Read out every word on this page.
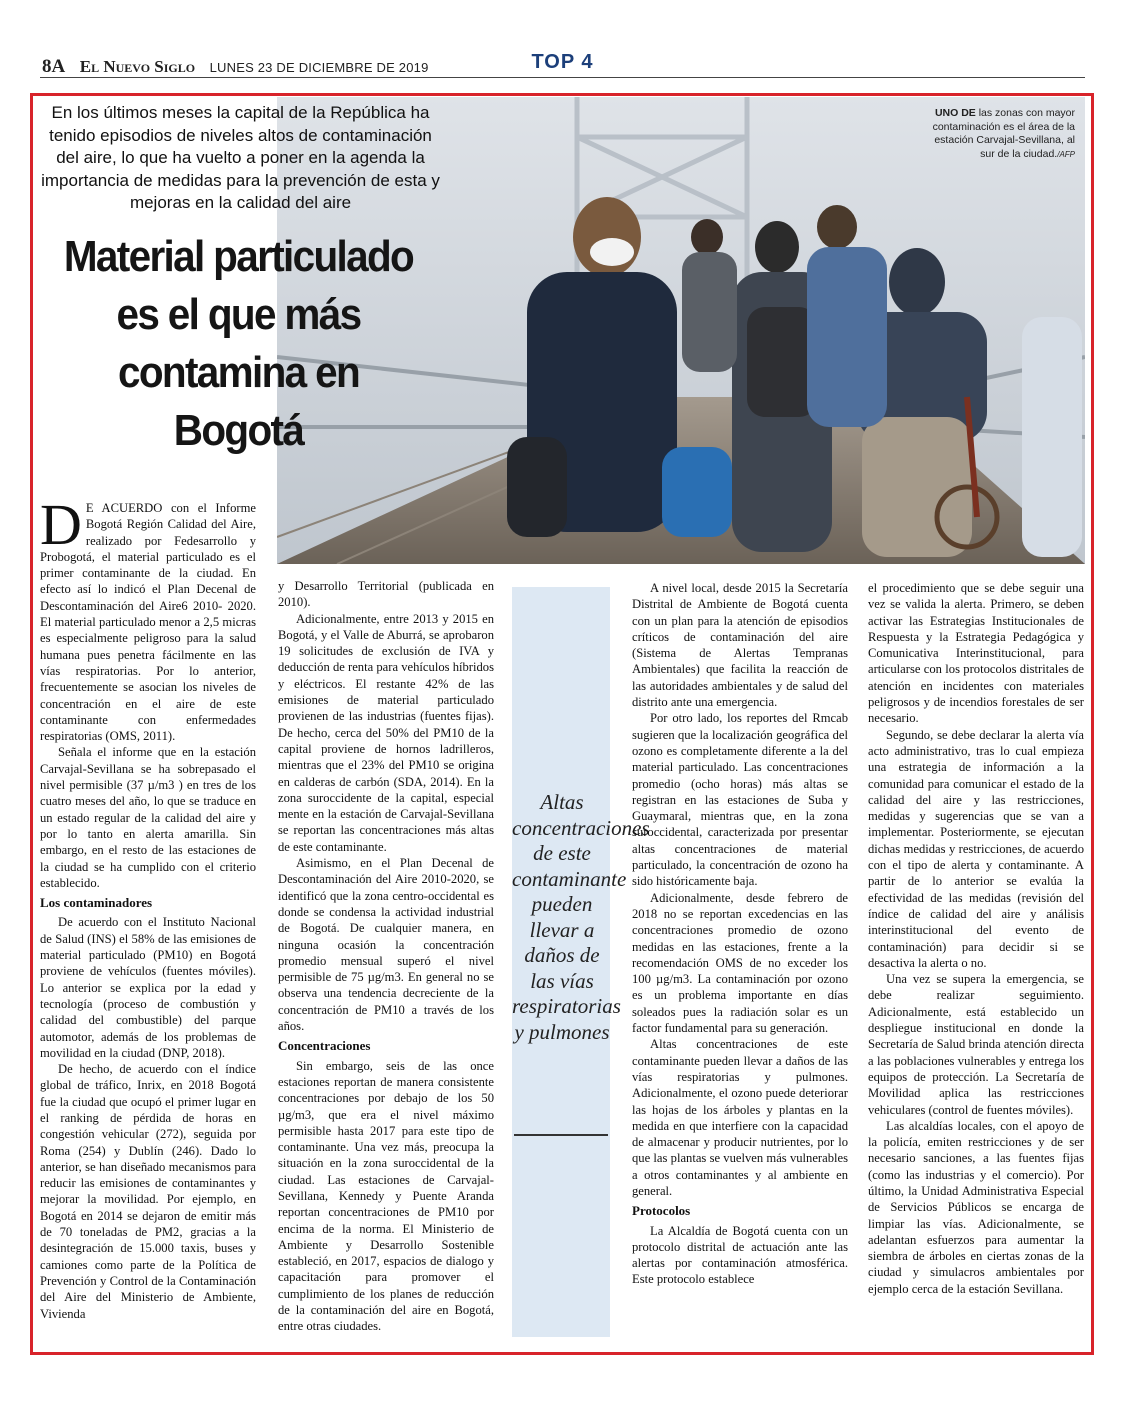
8A El Nuevo Siglo LUNES 23 DE DICIEMBRE DE 2019	TOP 4
UNO DE las zonas con mayor contaminación es el área de la estación Carvajal-Sevillana, al sur de la ciudad./AFP
En los últimos meses la capital de la República ha tenido episodios de niveles altos de contaminación del aire, lo que ha vuelto a poner en la agenda la importancia de medidas para la prevención de esta y mejoras en la calidad del aire
Material particulado es el que más contamina en Bogotá

D E ACUERDO con el Informe Bogotá Región Calidad del Aire, realizado por Fedesarrollo y Probogotá, el material particulado es el primer contaminante de la ciudad. En efecto así lo indicó el Plan Decenal de Descontaminación del Aire6 2010- 2020. El material particulado menor a 2,5 micras es especialmente peligroso para la salud humana pues penetra fácilmente en las vías respiratorias. Por lo anterior, frecuentemente se asocian los niveles de concentración en el aire de este contaminante con enfermedades respiratorias (OMS, 2011).

Señala el informe que en la estación Carvajal-Sevillana se ha sobrepasado el nivel permisible (37 µ/m3 ) en tres de los cuatro meses del año, lo que se traduce en un estado regular de la calidad del aire y por lo tanto en alerta amarilla. Sin embargo, en el resto de las estaciones de la ciudad se ha cumplido con el criterio establecido.

Los contaminadores

De acuerdo con el Instituto Nacional de Salud (INS) el 58% de las emisiones de material particulado (PM10) en Bogotá proviene de vehículos (fuentes móviles). Lo anterior se explica por la edad y tecnología (proceso de combustión y calidad del combustible) del parque automotor, además de los problemas de movilidad en la ciudad (DNP, 2018).

De hecho, de acuerdo con el índice global de tráfico, Inrix, en 2018 Bogotá fue la ciudad que ocupó el primer lugar en el ranking de pérdida de horas en congestión vehicular (272), seguida por Roma (254) y Dublín (246). Dado lo anterior, se han diseñado mecanismos para reducir las emisiones de contaminantes y mejorar la movilidad. Por ejemplo, en Bogotá en 2014 se dejaron de emitir más de 70 toneladas de PM2, gracias a la desintegración de 15.000 taxis, buses y camiones como parte de la Política de Prevención y Control de la Contaminación del Aire del Ministerio de Ambiente, Vivienda

y Desarrollo Territorial (publicada en 2010).

Adicionalmente, entre 2013 y 2015 en Bogotá, y el Valle de Aburrá, se aprobaron 19 solicitudes de exclusión de IVA y deducción de renta para vehículos híbridos y eléctricos. El restante 42% de las emisiones de material particulado provienen de las industrias (fuentes fijas). De hecho, cerca del 50% del PM10 de la capital proviene de hornos ladrilleros, mientras que el 23% del PM10 se origina en calderas de carbón (SDA, 2014). En la zona suroccidente de la capital, especial mente en la estación de Carvajal-Sevillana se reportan las concentraciones más altas de este contaminante.

Asimismo, en el Plan Decenal de Descontaminación del Aire 2010-2020, se identificó que la zona centro-occidental es donde se condensa la actividad industrial de Bogotá. De cualquier manera, en ninguna ocasión la concentración promedio mensual superó el nivel permisible de 75 µg/m3. En general no se observa una tendencia decreciente de la concentración de PM10 a través de los años.

Concentraciones

Sin embargo, seis de las once estaciones reportan de manera consistente concentraciones por debajo de los 50 µg/m3, que era el nivel máximo permisible hasta 2017 para este tipo de contaminante. Una vez más, preocupa la situación en la zona suroccidental de la ciudad. Las estaciones de Carvajal-Sevillana, Kennedy y Puente Aranda reportan concentraciones de PM10 por encima de la norma. El Ministerio de Ambiente y Desarrollo Sostenible estableció, en 2017, espacios de dialogo y capacitación para promover el cumplimiento de los planes de reducción de la contaminación del aire en Bogotá, entre otras ciudades.

Altas concentraciones de este contaminante pueden llevar a daños de las vías respiratorias y pulmones

A nivel local, desde 2015 la Secretaría Distrital de Ambiente de Bogotá cuenta con un plan para la atención de episodios críticos de contaminación del aire (Sistema de Alertas Tempranas Ambientales) que facilita la reacción de las autoridades ambientales y de salud del distrito ante una emergencia.

Por otro lado, los reportes del Rmcab sugieren que la localización geográfica del ozono es completamente diferente a la del material particulado. Las concentraciones promedio (ocho horas) más altas se registran en las estaciones de Suba y Guaymaral, mientras que, en la zona suroccidental, caracterizada por presentar altas concentraciones de material particulado, la concentración de ozono ha sido históricamente baja.

Adicionalmente, desde febrero de 2018 no se reportan excedencias en las concentraciones promedio de ozono medidas en las estaciones, frente a la recomendación OMS de no exceder los 100 µg/m3. La contaminación por ozono es un problema importante en días soleados pues la radiación solar es un factor fundamental para su generación.

Altas concentraciones de este contaminante pueden llevar a daños de las vías respiratorias y pulmones. Adicionalmente, el ozono puede deteriorar las hojas de los árboles y plantas en la medida en que interfiere con la capacidad de almacenar y producir nutrientes, por lo que las plantas se vuelven más vulnerables a otros contaminantes y al ambiente en general.

Protocolos

La Alcaldía de Bogotá cuenta con un protocolo distrital de actuación ante las alertas por contaminación atmosférica. Este protocolo establece

el procedimiento que se debe seguir una vez se valida la alerta. Primero, se deben activar las Estrategias Institucionales de Respuesta y la Estrategia Pedagógica y Comunicativa Interinstitucional, para articularse con los protocolos distritales de atención en incidentes con materiales peligrosos y de incendios forestales de ser necesario.

Segundo, se debe declarar la alerta vía acto administrativo, tras lo cual empieza una estrategia de información a la comunidad para comunicar el estado de la calidad del aire y las restricciones, medidas y sugerencias que se van a implementar. Posteriormente, se ejecutan dichas medidas y restricciones, de acuerdo con el tipo de alerta y contaminante. A partir de lo anterior se evalúa la efectividad de las medidas (revisión del índice de calidad del aire y análisis interinstitucional del evento de contaminación) para decidir si se desactiva la alerta o no.

Una vez se supera la emergencia, se debe realizar seguimiento. Adicionalmente, está establecido un despliegue institucional en donde la Secretaría de Salud brinda atención directa a las poblaciones vulnerables y entrega los equipos de protección. La Secretaría de Movilidad aplica las restricciones vehiculares (control de fuentes móviles).

Las alcaldías locales, con el apoyo de la policía, emiten restricciones y de ser necesario sanciones, a las fuentes fijas (como las industrias y el comercio). Por último, la Unidad Administrativa Especial de Servicios Públicos se encarga de limpiar las vías. Adicionalmente, se adelantan esfuerzos para aumentar la siembra de árboles en ciertas zonas de la ciudad y simulacros ambientales por ejemplo cerca de la estación Sevillana.
